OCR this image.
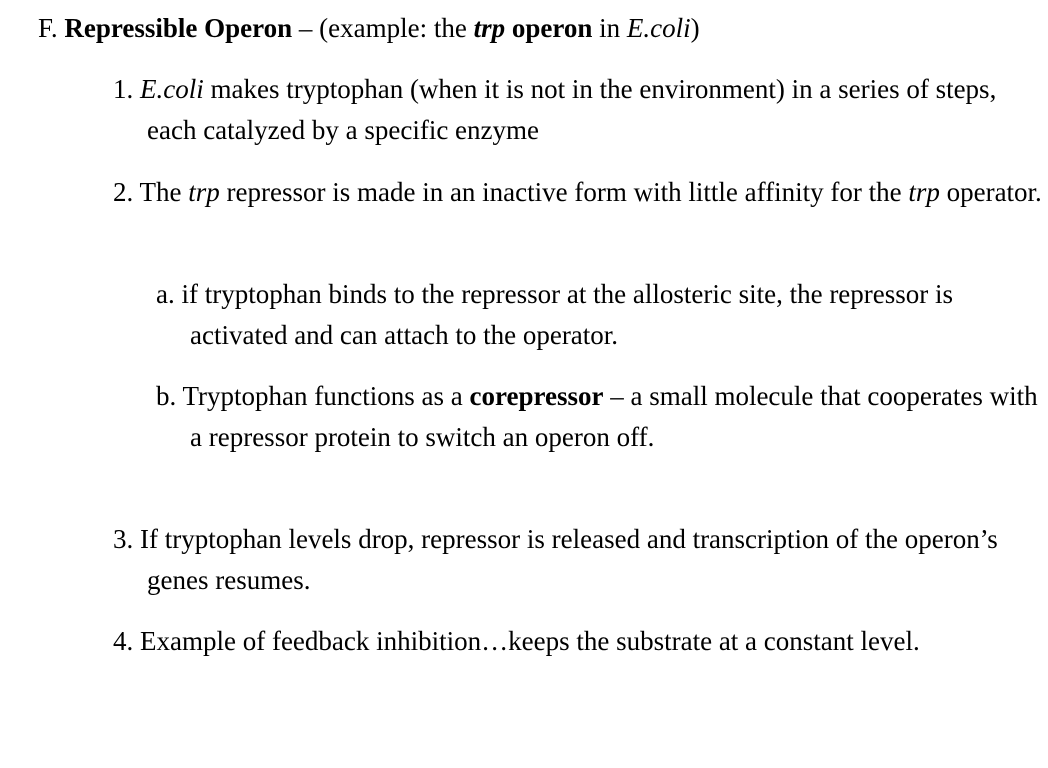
F. Repressible Operon – (example: the trp operon in E.coli)
1. E.coli makes tryptophan (when it is not in the environment) in a series of steps, each catalyzed by a specific enzyme
2. The trp repressor is made in an inactive form with little affinity for the trp operator.
a. if tryptophan binds to the repressor at the allosteric site, the repressor is activated and can attach to the operator.
b. Tryptophan functions as a corepressor – a small molecule that cooperates with a repressor protein to switch an operon off.
3. If tryptophan levels drop, repressor is released and transcription of the operon’s genes resumes.
4. Example of feedback inhibition…keeps the substrate at a constant level.
